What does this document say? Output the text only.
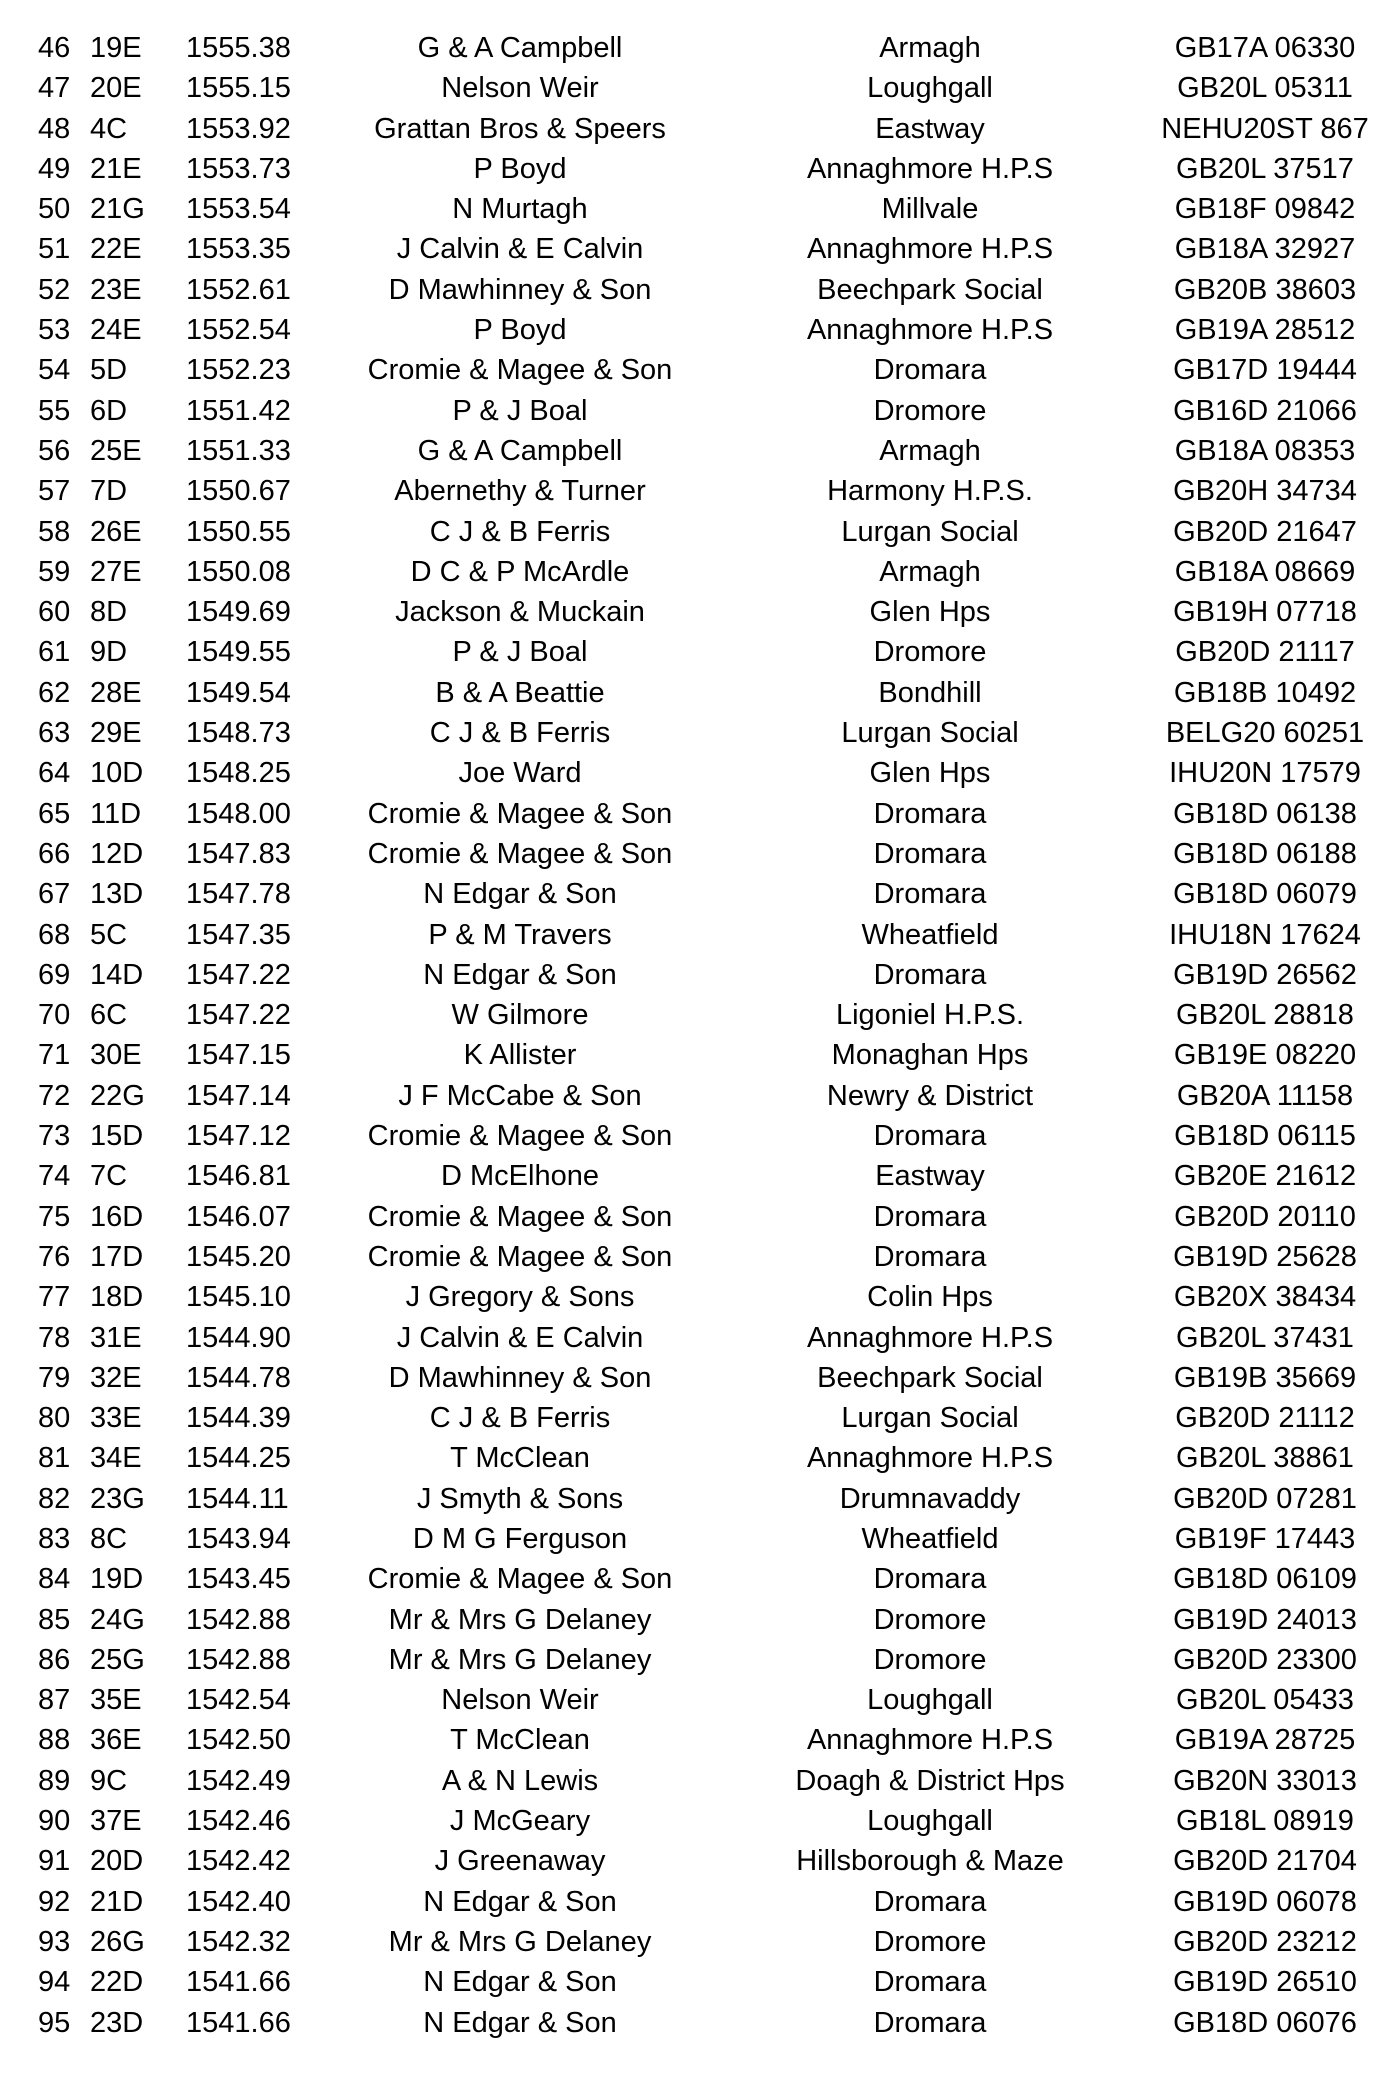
46 19E 1555.38	G & A Campbell	Armagh	GB17A 06330
47 20E 1555.15	Nelson Weir	Loughgall	GB20L 05311
48 4C	1553.92	Grattan Bros & Speers	Eastway	NEHU20ST 867
49 21E 1553.73	P Boyd	Annaghmore H.P.S	GB20L 37517
50 21G 1553.54	N Murtagh	Millvale	GB18F 09842
51 22E 1553.35	J Calvin & E Calvin	Annaghmore H.P.S	GB18A 32927
52 23E 1552.61	D Mawhinney & Son	Beechpark Social	GB20B 38603
53 24E 1552.54	P Boyd	Annaghmore H.P.S	GB19A 28512
54 5D	1552.23	Cromie & Magee & Son	Dromara	GB17D 19444
55 6D	1551.42	P & J Boal	Dromore	GB16D 21066
56 25E 1551.33	G & A Campbell	Armagh	GB18A 08353
57 7D	1550.67	Abernethy & Turner	Harmony H.P.S.	GB20H 34734
58 26E 1550.55	C J & B Ferris	Lurgan Social	GB20D 21647
59 27E 1550.08	D C & P McArdle	Armagh	GB18A 08669
60 8D	1549.69	Jackson & Muckain	Glen Hps	GB19H 07718
61 9D	1549.55	P & J Boal	Dromore	GB20D 21117
62 28E 1549.54	B & A Beattie	Bondhill	GB18B 10492
63 29E 1548.73	C J & B Ferris	Lurgan Social	BELG20 60251
64 10D 1548.25	Joe Ward	Glen Hps	IHU20N 17579
65 11D	1548.00	Cromie & Magee & Son	Dromara	GB18D 06138
66 12D 1547.83	Cromie & Magee & Son	Dromara	GB18D 06188
67 13D 1547.78	N Edgar & Son	Dromara	GB18D 06079
68 5C	1547.35	P & M Travers	Wheatfield	IHU18N 17624
69 14D 1547.22	N Edgar & Son	Dromara	GB19D 26562
70 6C	1547.22	W Gilmore	Ligoniel H.P.S.	GB20L 28818
71 30E 1547.15	K Allister	Monaghan Hps	GB19E 08220
72 22G 1547.14	J F McCabe & Son	Newry & District	GB20A 11158
73 15D 1547.12	Cromie & Magee & Son	Dromara	GB18D 06115
74 7C	1546.81	D McElhone	Eastway	GB20E 21612
75 16D 1546.07	Cromie & Magee & Son	Dromara	GB20D 20110
76 17D 1545.20	Cromie & Magee & Son	Dromara	GB19D 25628
77 18D 1545.10	J Gregory & Sons	Colin Hps	GB20X 38434
78 31E 1544.90	J Calvin & E Calvin	Annaghmore H.P.S	GB20L 37431
79 32E 1544.78	D Mawhinney & Son	Beechpark Social	GB19B 35669
80 33E 1544.39	C J & B Ferris	Lurgan Social	GB20D 21112
81 34E 1544.25	T McClean	Annaghmore H.P.S	GB20L 38861
82 23G 1544.11	J Smyth & Sons	Drumnavaddy	GB20D 07281
83 8C	1543.94	D M G Ferguson	Wheatfield	GB19F 17443
84 19D 1543.45	Cromie & Magee & Son	Dromara	GB18D 06109
85 24G 1542.88	Mr & Mrs G Delaney	Dromore	GB19D 24013
86 25G 1542.88	Mr & Mrs G Delaney	Dromore	GB20D 23300
87 35E 1542.54	Nelson Weir	Loughgall	GB20L 05433
88 36E 1542.50	T McClean	Annaghmore H.P.S	GB19A 28725
89 9C	1542.49	A & N Lewis	Doagh & District Hps	GB20N 33013
90 37E 1542.46	J McGeary	Loughgall	GB18L 08919
91 20D 1542.42	J Greenaway	Hillsborough & Maze	GB20D 21704
92 21D 1542.40	N Edgar & Son	Dromara	GB19D 06078
93 26G 1542.32	Mr & Mrs G Delaney	Dromore	GB20D 23212
94 22D 1541.66	N Edgar & Son	Dromara	GB19D 26510
95 23D 1541.66	N Edgar & Son	Dromara	GB18D 06076
